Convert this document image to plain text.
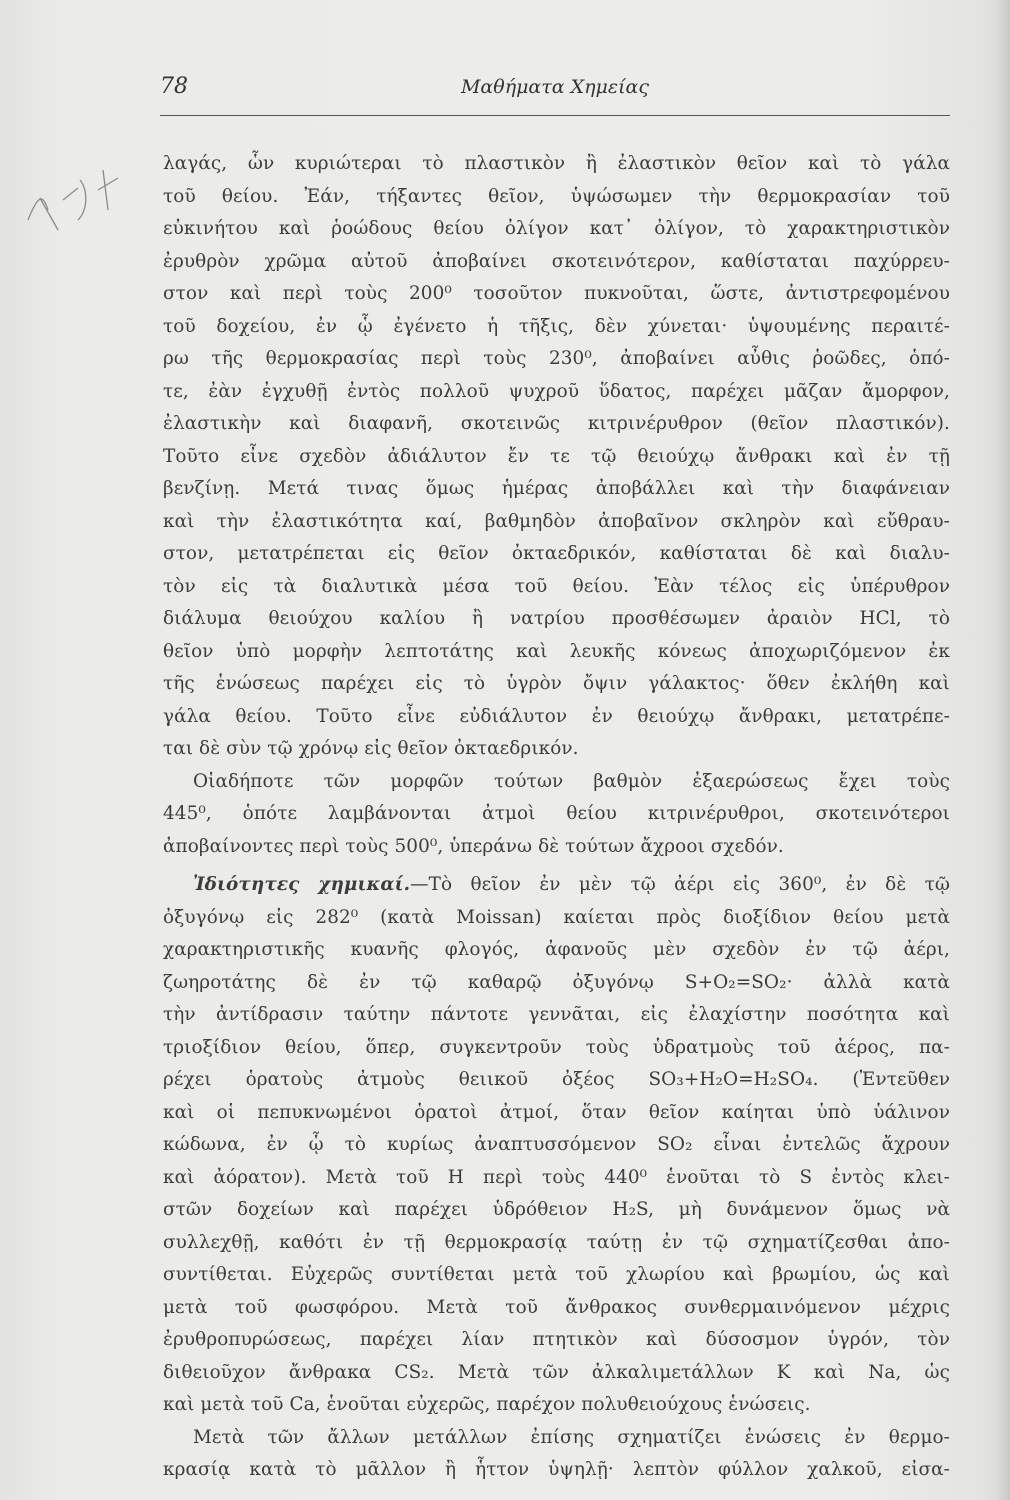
78	Μαθήματα Χημείας

λαγάς, ὧν κυριώτεραι τὸ πλαστικὸν ἢ ἐλαστικὸν θεῖον καὶ τὸ γάλα
τοῦ θείου. Ἐάν, τήξαντες θεῖον, ὑψώσωμεν τὴν θερμοκρασίαν τοῦ
εὐκινήτου καὶ ῥοώδους θείου ὀλίγον κατ᾽ ὀλίγον, τὸ χαρακτηριστικὸν
ἐρυθρὸν χρῶμα αὐτοῦ ἀποβαίνει σκοτεινότερον, καθίσταται παχύρρευ-
στον καὶ περὶ τοὺς 200⁰ τοσοῦτον πυκνοῦται, ὥστε, ἀντιστρεφομένου
τοῦ δοχείου, ἐν ᾧ ἐγένετο ἡ τῆξις, δὲν χύνεται· ὑψουμένης περαιτέ-
ρω τῆς θερμοκρασίας περὶ τοὺς 230⁰, ἀποβαίνει αὖθις ῥοῶδες, ὁπό-
τε, ἐὰν ἐγχυθῇ ἐντὸς πολλοῦ ψυχροῦ ὕδατος, παρέχει μᾶζαν ἄμορφον,
ἐλαστικὴν καὶ διαφανῆ, σκοτεινῶς κιτρινέρυθρον (θεῖον πλαστικόν).
Τοῦτο εἶνε σχεδὸν ἀδιάλυτον ἔν τε τῷ θειούχῳ ἄνθρακι καὶ ἐν τῇ
βενζίνῃ. Μετά τινας ὅμως ἡμέρας ἀποβάλλει καὶ τὴν διαφάνειαν
καὶ τὴν ἐλαστικότητα καί, βαθμηδὸν ἀποβαῖνον σκληρὸν καὶ εὔθραυ-
στον, μετατρέπεται εἰς θεῖον ὀκταεδρικόν, καθίσταται δὲ καὶ διαλυ-
τὸν εἰς τὰ διαλυτικὰ μέσα τοῦ θείου. Ἐὰν τέλος εἰς ὑπέρυθρον
διάλυμα θειούχου καλίου ἢ νατρίου προσθέσωμεν ἀραιὸν HCl, τὸ
θεῖον ὑπὸ μορφὴν λεπτοτάτης καὶ λευκῆς κόνεως ἀποχωριζόμενον ἐκ
τῆς ἑνώσεως παρέχει εἰς τὸ ὑγρὸν ὄψιν γάλακτος· ὅθεν ἐκλήθη καὶ
γάλα θείου. Τοῦτο εἶνε εὐδιάλυτον ἐν θειούχῳ ἄνθρακι, μετατρέπε-
ται δὲ σὺν τῷ χρόνῳ εἰς θεῖον ὀκταεδρικόν.

Οἱαδήποτε τῶν μορφῶν τούτων βαθμὸν ἐξαερώσεως ἔχει τοὺς
445⁰, ὁπότε λαμβάνονται ἀτμοὶ θείου κιτρινέρυθροι, σκοτεινότεροι
ἀποβαίνοντες περὶ τοὺς 500⁰, ὑπεράνω δὲ τούτων ἄχροοι σχεδόν.

Ἰδιότητες χημικαί.—Τὸ θεῖον ἐν μὲν τῷ ἀέρι εἰς 360⁰, ἐν δὲ τῷ
ὀξυγόνῳ εἰς 282⁰ (κατὰ Moissan) καίεται πρὸς διοξίδιον θείου μετὰ
χαρακτηριστικῆς κυανῆς φλογός, ἀφανοῦς μὲν σχεδὸν ἐν τῷ ἀέρι,
ζωηροτάτης δὲ ἐν τῷ καθαρῷ ὀξυγόνῳ S+O₂=SO₂· ἀλλὰ κατὰ
τὴν ἀντίδρασιν ταύτην πάντοτε γεννᾶται, εἰς ἐλαχίστην ποσότητα καὶ
τριοξίδιον θείου, ὅπερ, συγκεντροῦν τοὺς ὑδρατμοὺς τοῦ ἀέρος, πα-
ρέχει ὁρατοὺς ἀτμοὺς θειικοῦ ὀξέος SO₃+H₂O=H₂SO₄. (Ἐντεῦθεν
καὶ οἱ πεπυκνωμένοι ὁρατοὶ ἀτμοί, ὅταν θεῖον καίηται ὑπὸ ὑάλινον
κώδωνα, ἐν ᾧ τὸ κυρίως ἀναπτυσσόμενον SO₂ εἶναι ἐντελῶς ἄχρουν
καὶ ἀόρατον). Μετὰ τοῦ H περὶ τοὺς 440⁰ ἑνοῦται τὸ S ἐντὸς κλει-
στῶν δοχείων καὶ παρέχει ὑδρόθειον H₂S, μὴ δυνάμενον ὅμως νὰ
συλλεχθῇ, καθότι ἐν τῇ θερμοκρασίᾳ ταύτῃ ἐν τῷ σχηματίζεσθαι ἀπο-
συντίθεται. Εὐχερῶς συντίθεται μετὰ τοῦ χλωρίου καὶ βρωμίου, ὡς καὶ
μετὰ τοῦ φωσφόρου. Μετὰ τοῦ ἄνθρακος συνθερμαινόμενον μέχρις
ἐρυθροπυρώσεως, παρέχει λίαν πτητικὸν καὶ δύσοσμον ὑγρόν, τὸν
διθειοῦχον ἄνθρακα CS₂. Μετὰ τῶν ἀλκαλιμετάλλων K καὶ Na, ὡς
καὶ μετὰ τοῦ Ca, ἑνοῦται εὐχερῶς, παρέχον πολυθειούχους ἑνώσεις.

Μετὰ τῶν ἄλλων μετάλλων ἐπίσης σχηματίζει ἑνώσεις ἐν θερμο-
κρασίᾳ κατὰ τὸ μᾶλλον ἢ ἧττον ὑψηλῇ· λεπτὸν φύλλον χαλκοῦ, εἰσα-
